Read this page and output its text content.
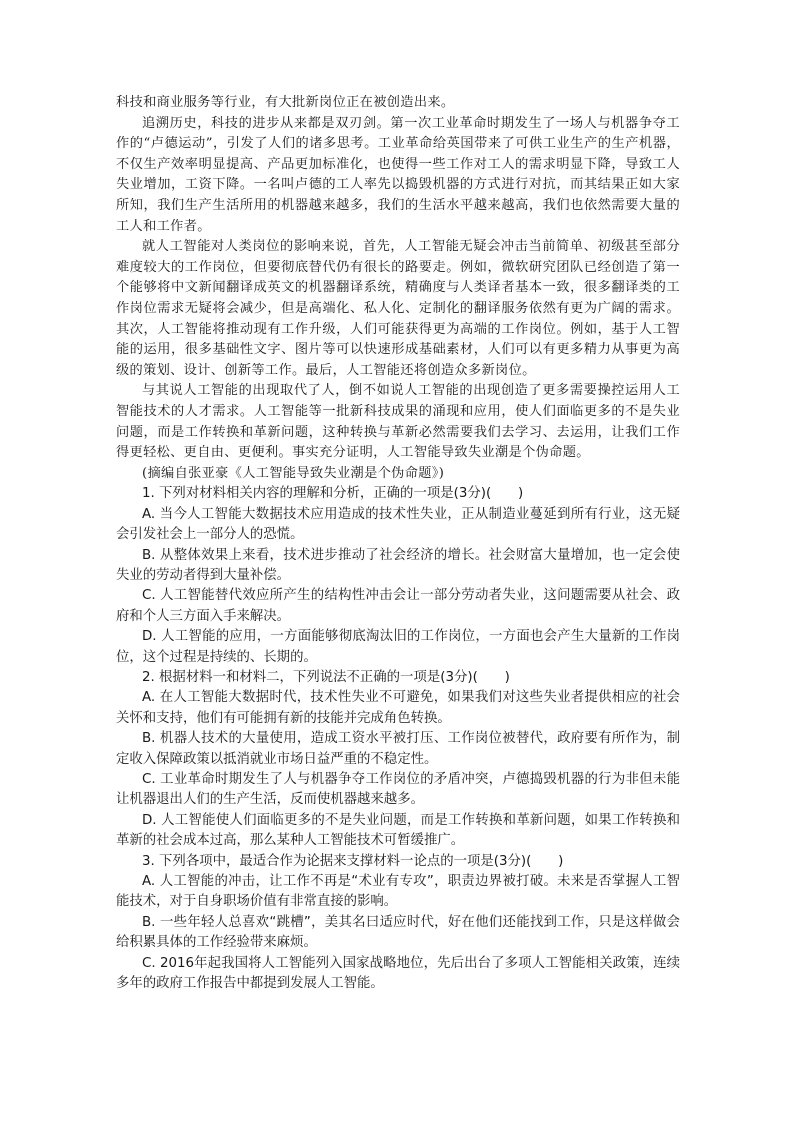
科技和商业服务等行业，有大批新岗位正在被创造出来。

追溯历史，科技的进步从来都是双刃剑。第一次工业革命时期发生了一场人与机器争夺工作的“卢德运动”，引发了人们的诸多思考。工业革命给英国带来了可供工业生产的生产机器，不仅生产效率明显提高、产品更加标准化，也使得一些工作对工人的需求明显下降，导致工人失业增加，工资下降。一名叫卢德的工人率先以捣毁机器的方式进行对抗，而其结果正如大家所知，我们生产生活所用的机器越来越多，我们的生活水平越来越高，我们也依然需要大量的工人和工作者。

就人工智能对人类岗位的影响来说，首先，人工智能无疑会冲击当前简单、初级甚至部分难度较大的工作岗位，但要彻底替代仍有很长的路要走。例如，微软研究团队已经创造了第一个能够将中文新闻翻译成英文的机器翻译系统，精确度与人类译者基本一致，很多翻译类的工作岗位需求无疑将会减少，但是高端化、私人化、定制化的翻译服务依然有更为广阔的需求。其次，人工智能将推动现有工作升级，人们可能获得更为高端的工作岗位。例如，基于人工智能的运用，很多基础性文字、图片等可以快速形成基础素材，人们可以有更多精力从事更为高级的策划、设计、创新等工作。最后，人工智能还将创造众多新岗位。

与其说人工智能的出现取代了人，倒不如说人工智能的出现创造了更多需要操控运用人工智能技术的人才需求。人工智能等一批新科技成果的涌现和应用，使人们面临更多的不是失业问题，而是工作转换和革新问题，这种转换与革新必然需要我们去学习、去运用，让我们工作得更轻松、更自由、更便利。事实充分证明，人工智能导致失业潮是个伪命题。

(摘编自张亚豪《人工智能导致失业潮是个伪命题》)

1. 下列对材料相关内容的理解和分析，正确的一项是(3分)(　　)

A. 当今人工智能大数据技术应用造成的技术性失业，正从制造业蔓延到所有行业，这无疑会引发社会上一部分人的恐慌。

B. 从整体效果上来看，技术进步推动了社会经济的增长。社会财富大量增加，也一定会使失业的劳动者得到大量补偿。

C. 人工智能替代效应所产生的结构性冲击会让一部分劳动者失业，这问题需要从社会、政府和个人三方面入手来解决。

D. 人工智能的应用，一方面能够彻底淘汰旧的工作岗位，一方面也会产生大量新的工作岗位，这个过程是持续的、长期的。

2. 根据材料一和材料二，下列说法不正确的一项是(3分)(　　)

A. 在人工智能大数据时代，技术性失业不可避免，如果我们对这些失业者提供相应的社会关怀和支持，他们有可能拥有新的技能并完成角色转换。

B. 机器人技术的大量使用，造成工资水平被打压、工作岗位被替代，政府要有所作为，制定收入保障政策以抵消就业市场日益严重的不稳定性。

C. 工业革命时期发生了人与机器争夺工作岗位的矛盾冲突，卢德捣毁机器的行为非但未能让机器退出人们的生产生活，反而使机器越来越多。

D. 人工智能使人们面临更多的不是失业问题，而是工作转换和革新问题，如果工作转换和革新的社会成本过高，那么某种人工智能技术可暂缓推广。

3. 下列各项中，最适合作为论据来支撑材料一论点的一项是(3分)(　　)

A. 人工智能的冲击，让工作不再是“术业有专攻”，职责边界被打破。未来是否掌握人工智能技术，对于自身职场价值有非常直接的影响。

B. 一些年轻人总喜欢“跳槽”，美其名曰适应时代，好在他们还能找到工作，只是这样做会给积累具体的工作经验带来麻烦。

C. 2016年起我国将人工智能列入国家战略地位，先后出台了多项人工智能相关政策，连续多年的政府工作报告中都提到发展人工智能。
